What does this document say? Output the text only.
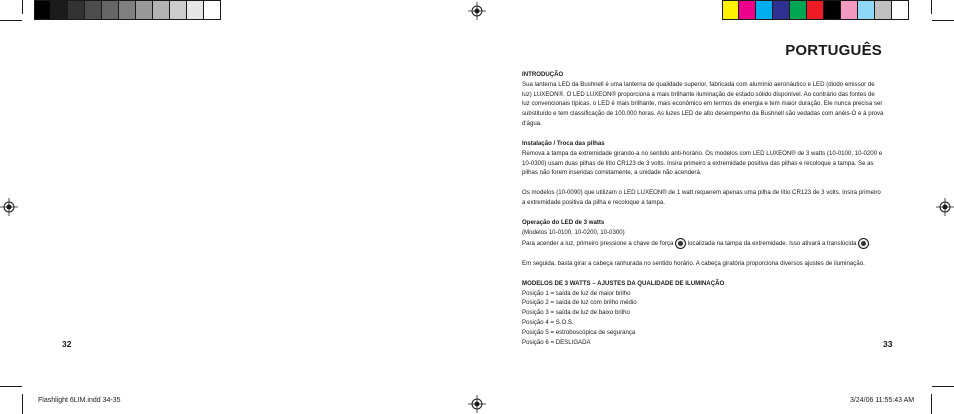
PORTUGUÊS

INTRODUÇÃO

Sua lanterna LED da Bushnell é uma lanterna de qualidade superior, fabricada com alumínio aeronáutico e LED (diodo emissor de

luz) LUXEON®. O LED LUXEON® proporciona a mais brilhante iluminação de estado sólido disponível. Ao contrário das fontes de

luz convencionais típicas, o LED é mais brilhante, mais econômico em termos de energia e tem maior duração. Ele nunca precisa ser

substituído e tem classificação de 100.000 horas. As luzes LED de alto desempenho da Bushnell são vedadas com anéis-O e à prova

d'água.

Instalação / Troca das pilhas

Remova a tampa da extremidade girando-a no sentido anti-horário. Os modelos com LED LUXEON® de 3 watts (10-0100, 10-0200 e

10-0300) usam duas pilhas de lítio CR123 de 3 volts. Insira primeiro a extremidade positiva das pilhas e recoloque a tampa. Se as

pilhas não forem inseridas corretamente, a unidade não acenderá.

Os modelos (10-0090) que utilizam o LED LUXEON® de 1 watt requerem apenas uma pilha de lítio CR123 de 3 volts. Insira primeiro

a extremidade positiva da pilha e recoloque a tampa.

Operação do LED de 3 watts

(Modelos 10-0100, 10-0200, 10-0300)

Para acender a luz, primeiro pressione a chave de força  localizada na tampa da extremidade. Isso ativará a translúcida .

Em seguida, basta girar a cabeça ranhurada no sentido horário. A cabeça giratória proporciona diversos ajustes de iluminação.

MODELOS DE 3 WATTS – AJUSTES DA QUALIDADE DE ILUMINAÇÃO

Posição 1 = saída de luz de maior brilho

Posição 2 = saída de luz com brilho médio

Posição 3 = saída de luz de baixo brilho

Posição 4 = S.O.S.

Posição 5 = estroboscópica de segurança

Posição 6 = DESLIGADA

32	33
Flashlight 6LIM.indd 34-35	3/24/06 11:55:43 AM
